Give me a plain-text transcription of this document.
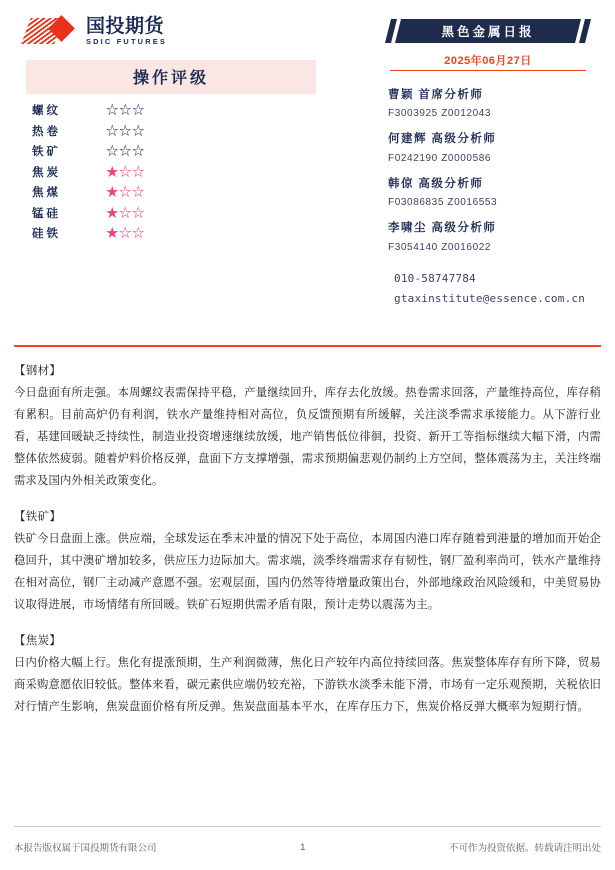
国投期货
SDIC FUTURES
操作评级
螺纹	☆☆☆
热卷	☆☆☆
铁矿	☆☆☆
焦炭	★☆☆
焦煤	★☆☆
锰硅	★☆☆
硅铁	★☆☆
黑色金属日报
2025年06月27日
曹颖 首席分析师
F3003925 Z0012043
何建辉 高级分析师
F0242190 Z0000586
韩倞 高级分析师
F03086835 Z0016553
李啸尘 高级分析师
F3054140 Z0016022
010-58747784
gtaxinstitute@essence.com.cn
【钢材】
今日盘面有所走强。本周螺纹表需保持平稳，产量继续回升，库存去化放缓。热卷需求回落，产量维持高位，库存稍有累积。目前高炉仍有利润，铁水产量维持相对高位，负反馈预期有所缓解，关注淡季需求承接能力。从下游行业看，基建回暖缺乏持续性，制造业投资增速继续放缓，地产销售低位徘徊，投资、新开工等指标继续大幅下滑，内需整体依然疲弱。随着炉料价格反弹，盘面下方支撑增强，需求预期偏悲观仍制约上方空间，整体震荡为主，关注终端需求及国内外相关政策变化。
【铁矿】
铁矿今日盘面上涨。供应端，全球发运在季末冲量的情况下处于高位，本周国内港口库存随着到港量的增加而开始企稳回升，其中澳矿增加较多，供应压力边际加大。需求端，淡季终端需求存有韧性，钢厂盈利率尚可，铁水产量维持在相对高位，钢厂主动减产意愿不强。宏观层面，国内仍然等待增量政策出台，外部地缘政治风险缓和，中美贸易协议取得进展，市场情绪有所回暖。铁矿石短期供需矛盾有限，预计走势以震荡为主。
【焦炭】
日内价格大幅上行。焦化有提涨预期，生产利润微薄，焦化日产较年内高位持续回落。焦炭整体库存有所下降，贸易商采购意愿依旧较低。整体来看，碳元素供应端仍较充裕，下游铁水淡季未能下滑，市场有一定乐观预期，关税依旧对行情产生影响，焦炭盘面价格有所反弹。焦炭盘面基本平水，在库存压力下，焦炭价格反弹大概率为短期行情。
本报告版权属于国投期货有限公司	1	不可作为投资依据。转载请注明出处
